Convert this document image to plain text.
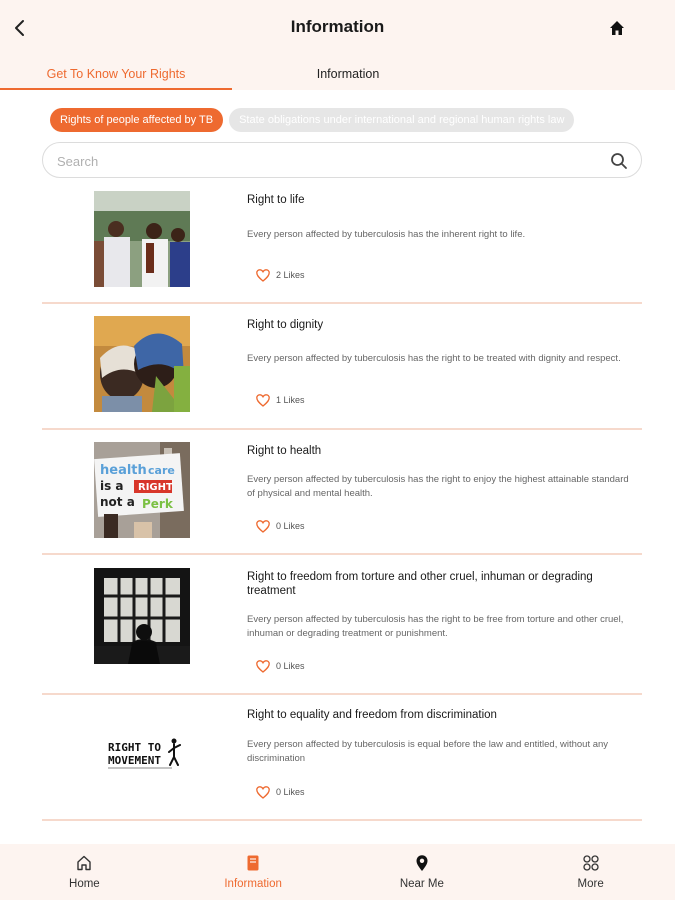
Information
Get To Know Your Rights	Information
Rights of people affected by TB State obligations under international and regional human rights law
Search
Right to life
Every person affected by tuberculosis has the inherent right to life.
2 Likes
Right to dignity
Every person affected by tuberculosis has the right to be treated with dignity and respect.
1 Likes
health care
is a RIGHT
not a Perk
Right to health
Every person affected by tuberculosis has the right to enjoy the highest attainable standard of physical and mental health.
0 Likes
Right to freedom from torture and other cruel, inhuman or degrading treatment
Every person affected by tuberculosis has the right to be free from torture and other cruel, inhuman or degrading treatment or punishment.
0 Likes
RIGHT TO
MOVEMENT
Right to equality and freedom from discrimination
Every person affected by tuberculosis is equal before the law and entitled, without any discrimination
0 Likes
Home	Information	Near Me	More
